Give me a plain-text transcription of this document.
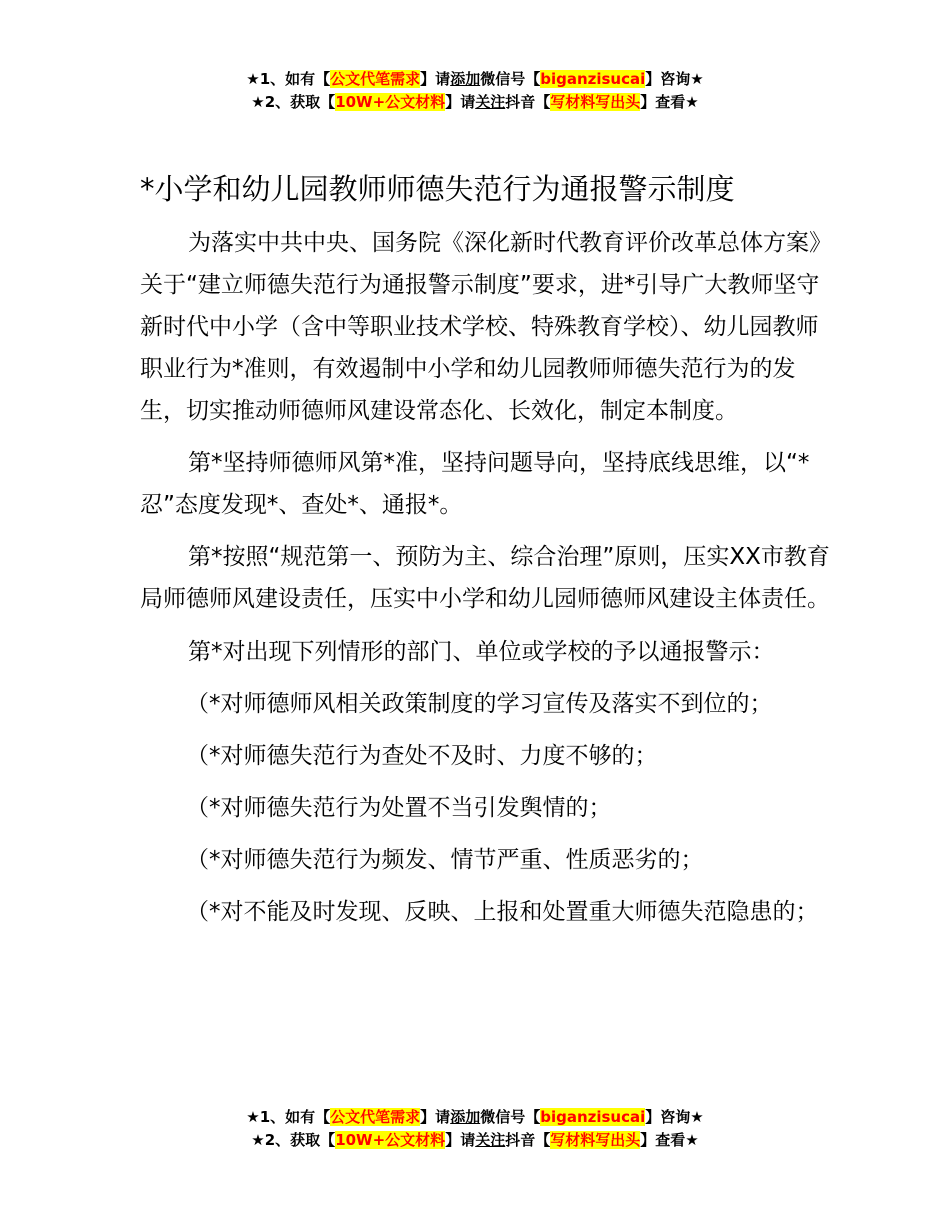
★1、如有【公文代笔需求】请添加微信号【biganzisucai】咨询★
★2、获取【10W+公文材料】请关注抖音【写材料写出头】查看★
*小学和幼儿园教师师德失范行为通报警示制度

为落实中共中央、国务院《深化新时代教育评价改革总体方案》关于“建立师德失范行为通报警示制度”要求，进*引导广大教师坚守新时代中小学（含中等职业技术学校、特殊教育学校）、幼儿园教师职业行为*准则，有效遏制中小学和幼儿园教师师德失范行为的发生，切实推动师德师风建设常态化、长效化，制定本制度。

第*坚持师德师风第*准，坚持问题导向，坚持底线思维，以“*忍”态度发现*、查处*、通报*。

第*按照“规范第一、预防为主、综合治理”原则，压实XX市教育局师德师风建设责任，压实中小学和幼儿园师德师风建设主体责任。

第*对出现下列情形的部门、单位或学校的予以通报警示：

（*对师德师风相关政策制度的学习宣传及落实不到位的；

（*对师德失范行为查处不及时、力度不够的；

（*对师德失范行为处置不当引发舆情的；

（*对师德失范行为频发、情节严重、性质恶劣的；

（*对不能及时发现、反映、上报和处置重大师德失范隐患的；

★1、如有【公文代笔需求】请添加微信号【biganzisucai】咨询★
★2、获取【10W+公文材料】请关注抖音【写材料写出头】查看★
